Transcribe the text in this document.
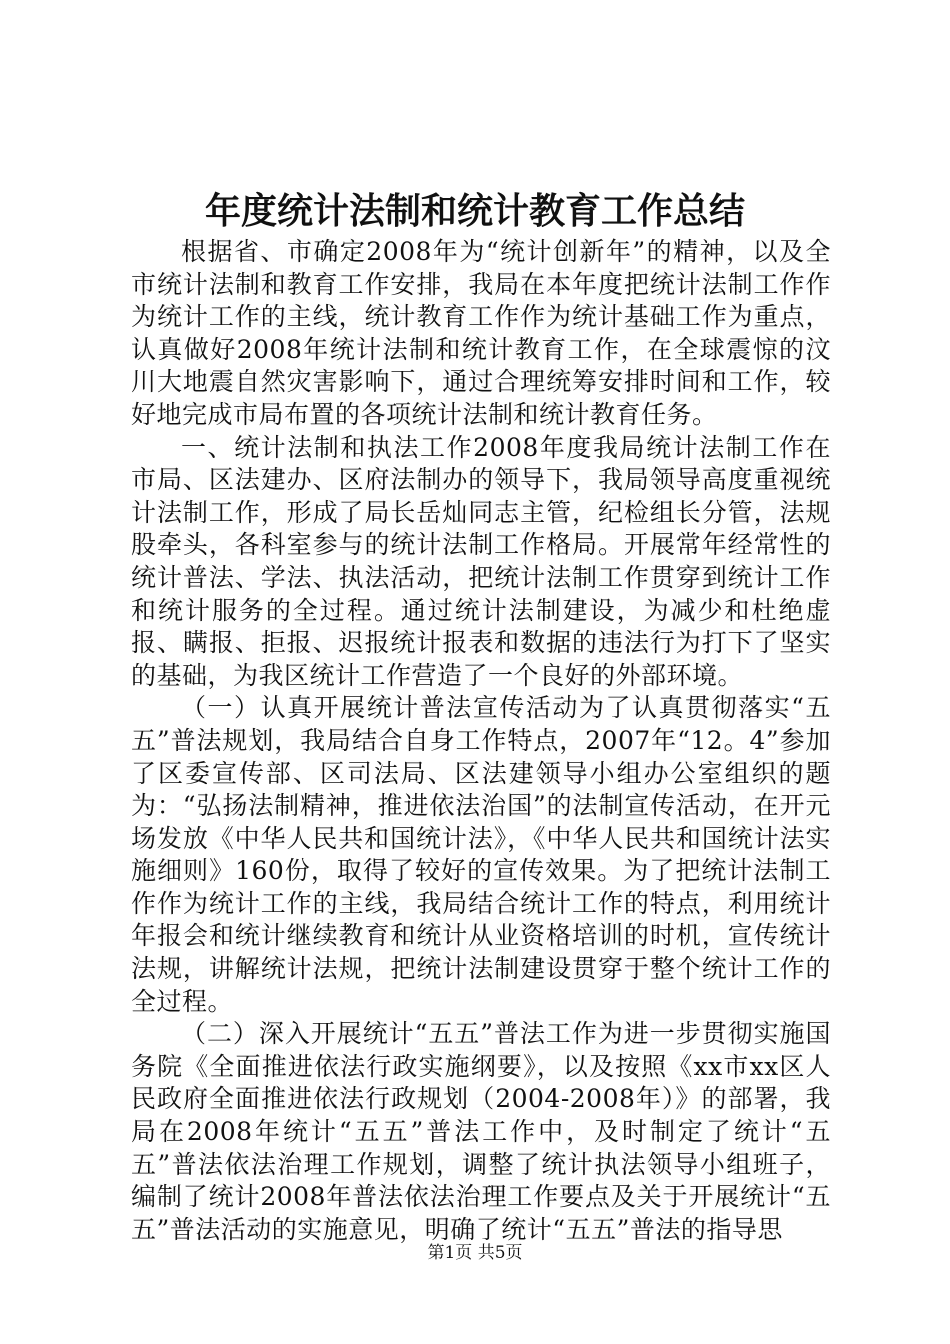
年度统计法制和统计教育工作总结

根据省、市确定2008年为“统计创新年”的精神，以及全市统计法制和教育工作安排，我局在本年度把统计法制工作作为统计工作的主线，统计教育工作作为统计基础工作为重点，认真做好2008年统计法制和统计教育工作，在全球震惊的汶川大地震自然灾害影响下，通过合理统筹安排时间和工作，较好地完成市局布置的各项统计法制和统计教育任务。

一、统计法制和执法工作2008年度我局统计法制工作在市局、区法建办、区府法制办的领导下，我局领导高度重视统计法制工作，形成了局长岳灿同志主管，纪检组长分管，法规股牵头，各科室参与的统计法制工作格局。开展常年经常性的统计普法、学法、执法活动，把统计法制工作贯穿到统计工作和统计服务的全过程。通过统计法制建设，为减少和杜绝虚报、瞒报、拒报、迟报统计报表和数据的违法行为打下了坚实的基础，为我区统计工作营造了一个良好的外部环境。

（一）认真开展统计普法宣传活动为了认真贯彻落实“五五”普法规划，我局结合自身工作特点，2007年“12。4”参加了区委宣传部、区司法局、区法建领导小组办公室组织的题为：“弘扬法制精神，推进依法治国”的法制宣传活动，在开元场发放《中华人民共和国统计法》，《中华人民共和国统计法实施细则》160份，取得了较好的宣传效果。为了把统计法制工作作为统计工作的主线，我局结合统计工作的特点，利用统计年报会和统计继续教育和统计从业资格培训的时机，宣传统计法规，讲解统计法规，把统计法制建设贯穿于整个统计工作的全过程。

（二）深入开展统计“五五”普法工作为进一步贯彻实施国务院《全面推进依法行政实施纲要》，以及按照《xx市xx区人民政府全面推进依法行政规划（2004-2008年）》的部署，我局在2008年统计“五五”普法工作中，及时制定了统计“五五”普法依法治理工作规划，调整了统计执法领导小组班子，编制了统计2008年普法依法治理工作要点及关于开展统计“五五”普法活动的实施意见，明确了统计“五五”普法的指导思

第1页 共5页
